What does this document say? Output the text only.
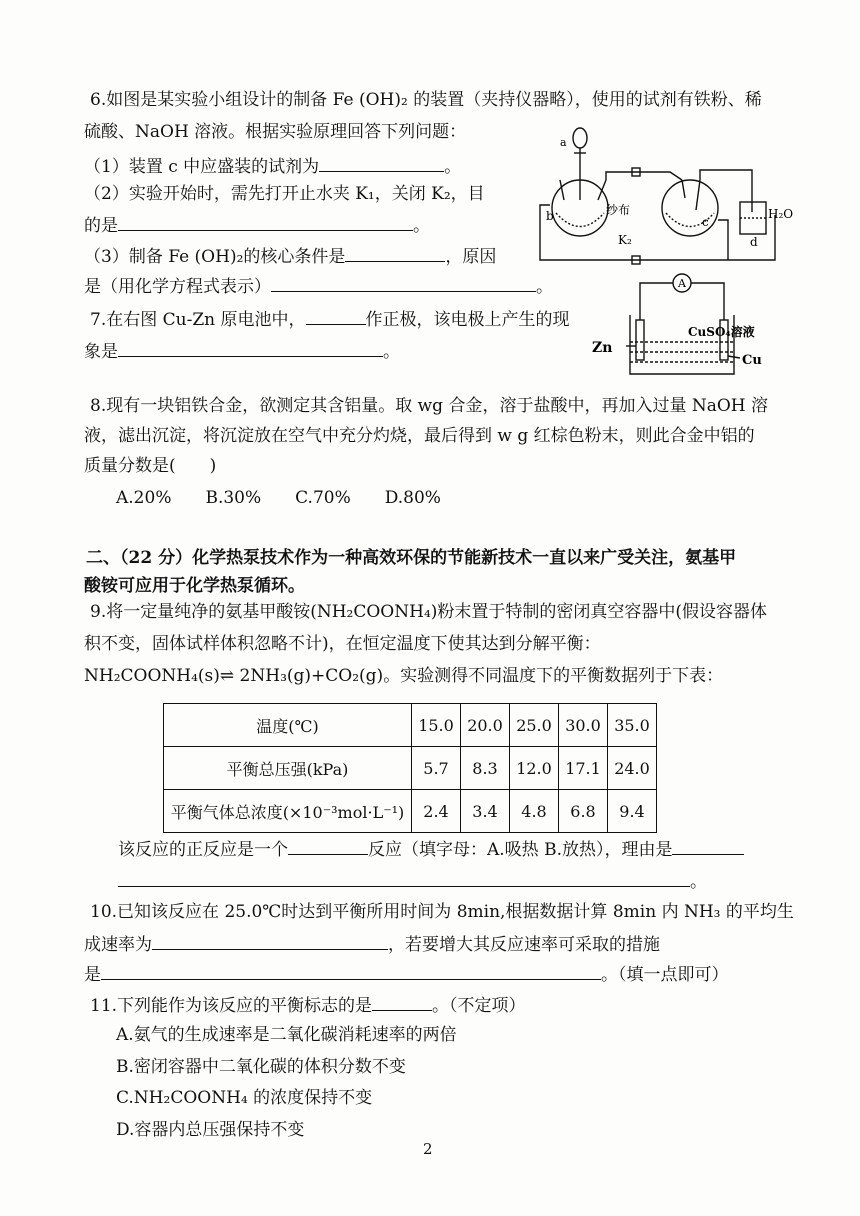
6.如图是某实验小组设计的制备 Fe (OH)₂ 的装置（夹持仪器略），使用的试剂有铁粉、稀
硫酸、NaOH 溶液。根据实验原理回答下列问题：
（1）装置 c 中应盛装的试剂为	。
（2）实验开始时，需先打开止水夹 K₁，关闭 K₂，目
的是	。
（3）制备 Fe (OH)₂的核心条件是	，原因
是（用化学方程式表示）	。
a
b	c
d
纱布
K₂
H₂O
7.在右图 Cu-Zn 原电池中，	作正极，该电极上产生的现
象是	。
A
Zn
CuSO₄溶液
Cu
8.现有一块铝铁合金，欲测定其含铝量。取 wg 合金，溶于盐酸中，再加入过量 NaOH 溶
液，滤出沉淀，将沉淀放在空气中充分灼烧，最后得到 w g 红棕色粉末，则此合金中铝的
质量分数是(　　)
A.20%　　B.30%　　C.70%　　D.80%
二、（22 分）化学热泵技术作为一种高效环保的节能新技术一直以来广受关注，氨基甲
酸铵可应用于化学热泵循环。
9.将一定量纯净的氨基甲酸铵(NH₂COONH₄)粉末置于特制的密闭真空容器中(假设容器体
积不变，固体试样体积忽略不计)，在恒定温度下使其达到分解平衡：
NH₂COONH₄(s)⇌ 2NH₃(g)+CO₂(g)。实验测得不同温度下的平衡数据列于下表：
温度(℃)	15.0	20.0	25.0	30.0	35.0
平衡总压强(kPa)	5.7	8.3	12.0	17.1	24.0
平衡气体总浓度(×10⁻³mol·L⁻¹)	2.4	3.4	4.8	6.8	9.4
该反应的正反应是一个	反应（填字母：A.吸热 B.放热），理由是
。
10.已知该反应在 25.0℃时达到平衡所用时间为 8min,根据数据计算 8min 内 NH₃ 的平均生
成速率为	，若要增大其反应速率可采取的措施
是	。（填一点即可）
11.下列能作为该反应的平衡标志的是	。（不定项）
A.氨气的生成速率是二氧化碳消耗速率的两倍
B.密闭容器中二氧化碳的体积分数不变
C.NH₂COONH₄ 的浓度保持不变
D.容器内总压强保持不变
2
